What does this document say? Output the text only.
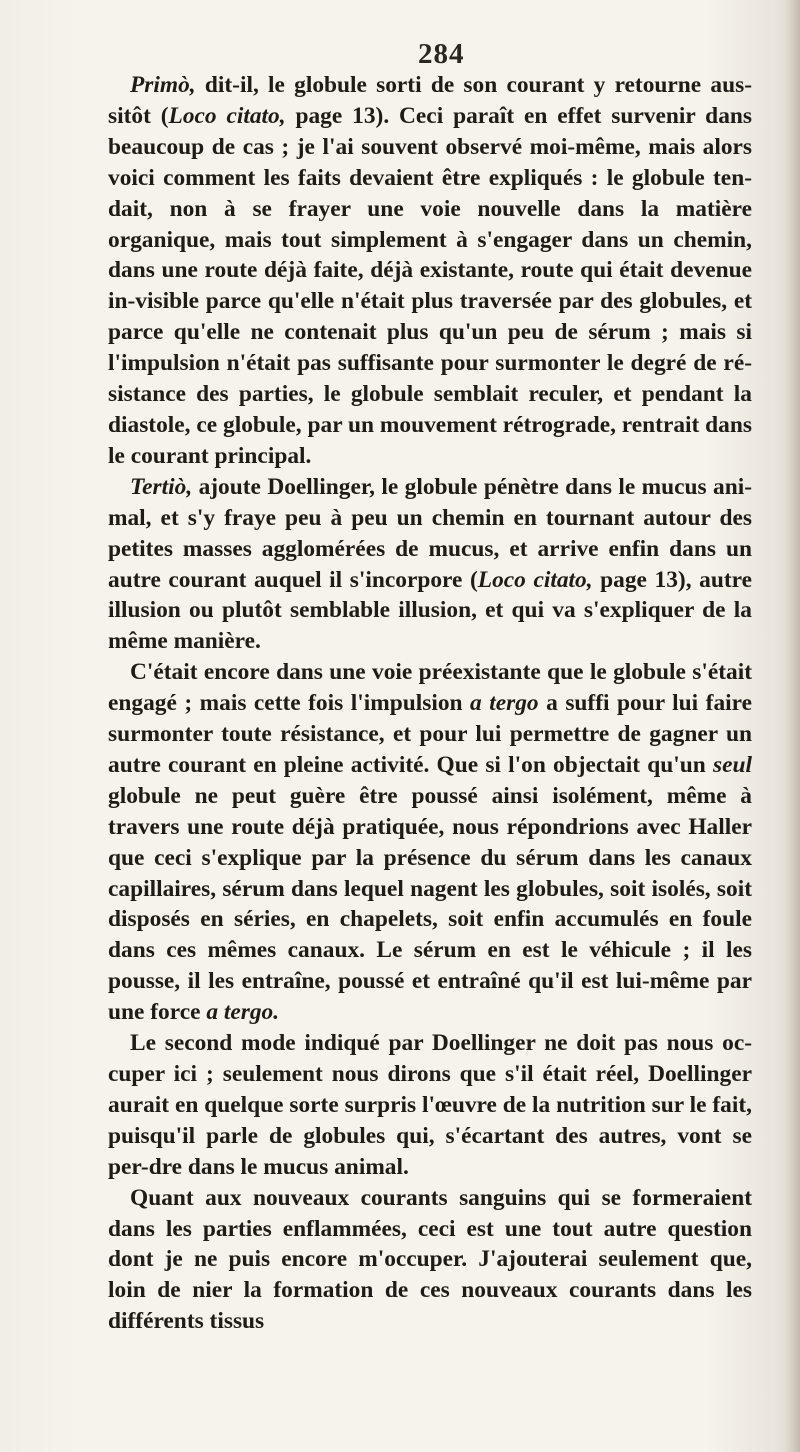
284

Primò, dit-il, le globule sorti de son courant y retourne aus-sitôt (Loco citato, page 13). Ceci paraît en effet survenir dans beaucoup de cas ; je l'ai souvent observé moi-même, mais alors voici comment les faits devaient être expliqués : le globule ten-dait, non à se frayer une voie nouvelle dans la matière organique, mais tout simplement à s'engager dans un chemin, dans une route déjà faite, déjà existante, route qui était devenue in-visible parce qu'elle n'était plus traversée par des globules, et parce qu'elle ne contenait plus qu'un peu de sérum ; mais si l'impulsion n'était pas suffisante pour surmonter le degré de ré-sistance des parties, le globule semblait reculer, et pendant la diastole, ce globule, par un mouvement rétrograde, rentrait dans le courant principal.

Tertiò, ajoute Doellinger, le globule pénètre dans le mucus ani-mal, et s'y fraye peu à peu un chemin en tournant autour des petites masses agglomérées de mucus, et arrive enfin dans un autre courant auquel il s'incorpore (Loco citato, page 13), autre illusion ou plutôt semblable illusion, et qui va s'expliquer de la même manière.

C'était encore dans une voie préexistante que le globule s'était engagé ; mais cette fois l'impulsion a tergo a suffi pour lui faire surmonter toute résistance, et pour lui permettre de gagner un autre courant en pleine activité. Que si l'on objectait qu'un seul globule ne peut guère être poussé ainsi isolément, même à travers une route déjà pratiquée, nous répondrions avec Haller que ceci s'explique par la présence du sérum dans les canaux capillaires, sérum dans lequel nagent les globules, soit isolés, soit disposés en séries, en chapelets, soit enfin accumulés en foule dans ces mêmes canaux. Le sérum en est le véhicule ; il les pousse, il les entraîne, poussé et entraîné qu'il est lui-même par une force a tergo.

Le second mode indiqué par Doellinger ne doit pas nous oc-cuper ici ; seulement nous dirons que s'il était réel, Doellinger aurait en quelque sorte surpris l'œuvre de la nutrition sur le fait, puisqu'il parle de globules qui, s'écartant des autres, vont se per-dre dans le mucus animal.

Quant aux nouveaux courants sanguins qui se formeraient dans les parties enflammées, ceci est une tout autre question dont je ne puis encore m'occuper. J'ajouterai seulement que, loin de nier la formation de ces nouveaux courants dans les différents tissus
